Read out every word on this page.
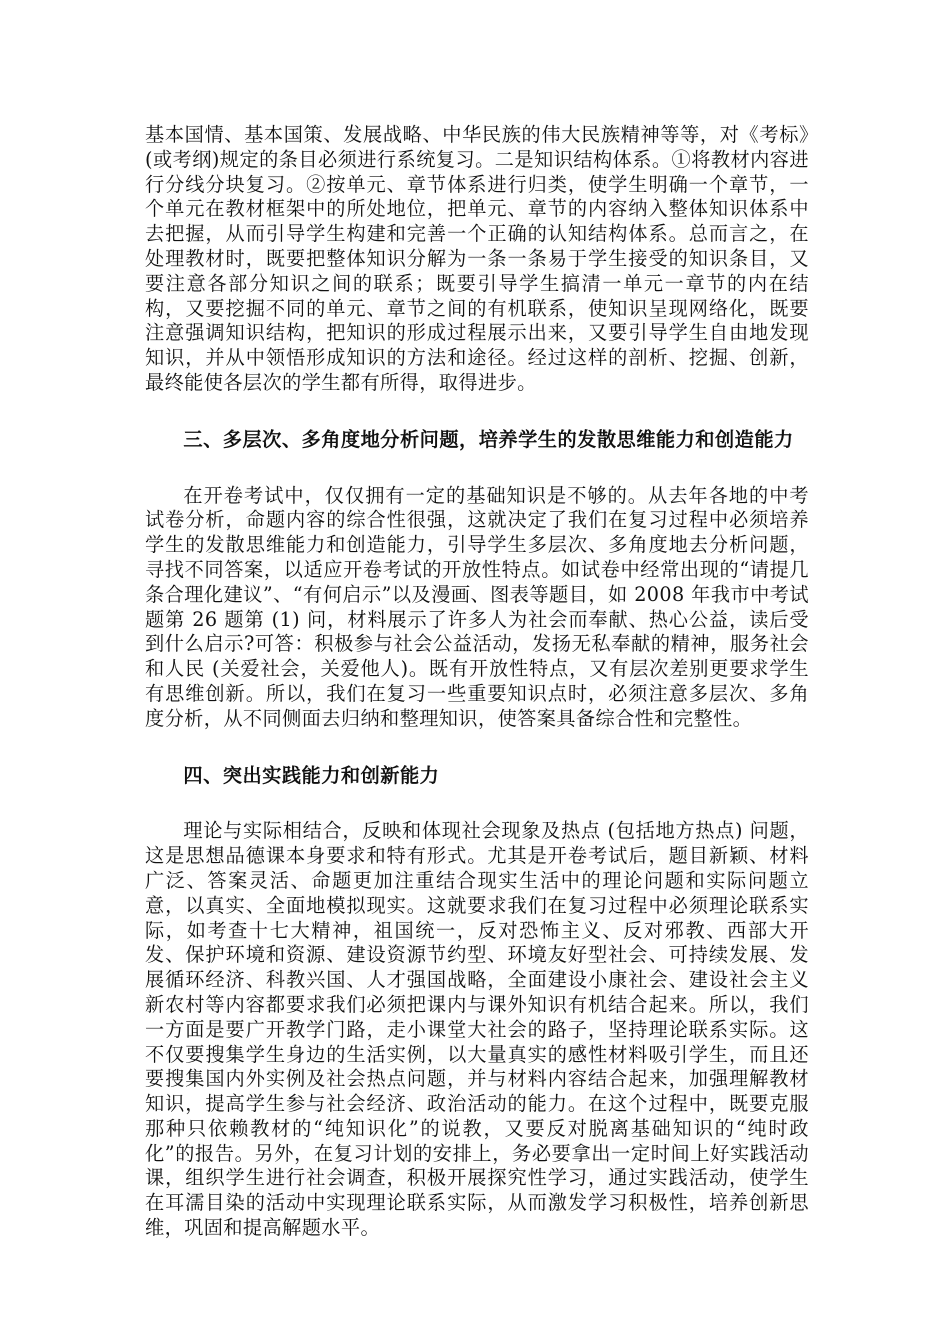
基本国情、基本国策、发展战略、中华民族的伟大民族精神等等，对《考标》(或考纲)规定的条目必须进行系统复习。二是知识结构体系。①将教材内容进行分线分块复习。②按单元、章节体系进行归类，使学生明确一个章节，一个单元在教材框架中的所处地位，把单元、章节的内容纳入整体知识体系中去把握，从而引导学生构建和完善一个正确的认知结构体系。总而言之，在处理教材时，既要把整体知识分解为一条一条易于学生接受的知识条目，又要注意各部分知识之间的联系；既要引导学生搞清一单元一章节的内在结构，又要挖掘不同的单元、章节之间的有机联系，使知识呈现网络化，既要注意强调知识结构，把知识的形成过程展示出来，又要引导学生自由地发现知识，并从中领悟形成知识的方法和途径。经过这样的剖析、挖掘、创新，最终能使各层次的学生都有所得，取得进步。

三、多层次、多角度地分析问题，培养学生的发散思维能力和创造能力

在开卷考试中，仅仅拥有一定的基础知识是不够的。从去年各地的中考试卷分析，命题内容的综合性很强，这就决定了我们在复习过程中必须培养学生的发散思维能力和创造能力，引导学生多层次、多角度地去分析问题，寻找不同答案，以适应开卷考试的开放性特点。如试卷中经常出现的“请提几条合理化建议”、“有何启示”以及漫画、图表等题目，如 2008 年我市中考试题第 26 题第 (1) 问，材料展示了许多人为社会而奉献、热心公益，读后受到什么启示?可答：积极参与社会公益活动，发扬无私奉献的精神，服务社会和人民 (关爱社会，关爱他人)。既有开放性特点，又有层次差别更要求学生有思维创新。所以，我们在复习一些重要知识点时，必须注意多层次、多角度分析，从不同侧面去归纳和整理知识，使答案具备综合性和完整性。

四、突出实践能力和创新能力

理论与实际相结合，反映和体现社会现象及热点 (包括地方热点) 问题，这是思想品德课本身要求和特有形式。尤其是开卷考试后，题目新颖、材料广泛、答案灵活、命题更加注重结合现实生活中的理论问题和实际问题立意，以真实、全面地模拟现实。这就要求我们在复习过程中必须理论联系实际，如考查十七大精神，祖国统一，反对恐怖主义、反对邪教、西部大开发、保护环境和资源、建设资源节约型、环境友好型社会、可持续发展、发展循环经济、科教兴国、人才强国战略，全面建设小康社会、建设社会主义新农村等内容都要求我们必须把课内与课外知识有机结合起来。所以，我们一方面是要广开教学门路，走小课堂大社会的路子，坚持理论联系实际。这不仅要搜集学生身边的生活实例，以大量真实的感性材料吸引学生，而且还要搜集国内外实例及社会热点问题，并与材料内容结合起来，加强理解教材知识，提高学生参与社会经济、政治活动的能力。在这个过程中，既要克服那种只依赖教材的“纯知识化”的说教，又要反对脱离基础知识的“纯时政化”的报告。另外，在复习计划的安排上，务必要拿出一定时间上好实践活动课，组织学生进行社会调查，积极开展探究性学习，通过实践活动，使学生在耳濡目染的活动中实现理论联系实际，从而激发学习积极性，培养创新思维，巩固和提高解题水平。
